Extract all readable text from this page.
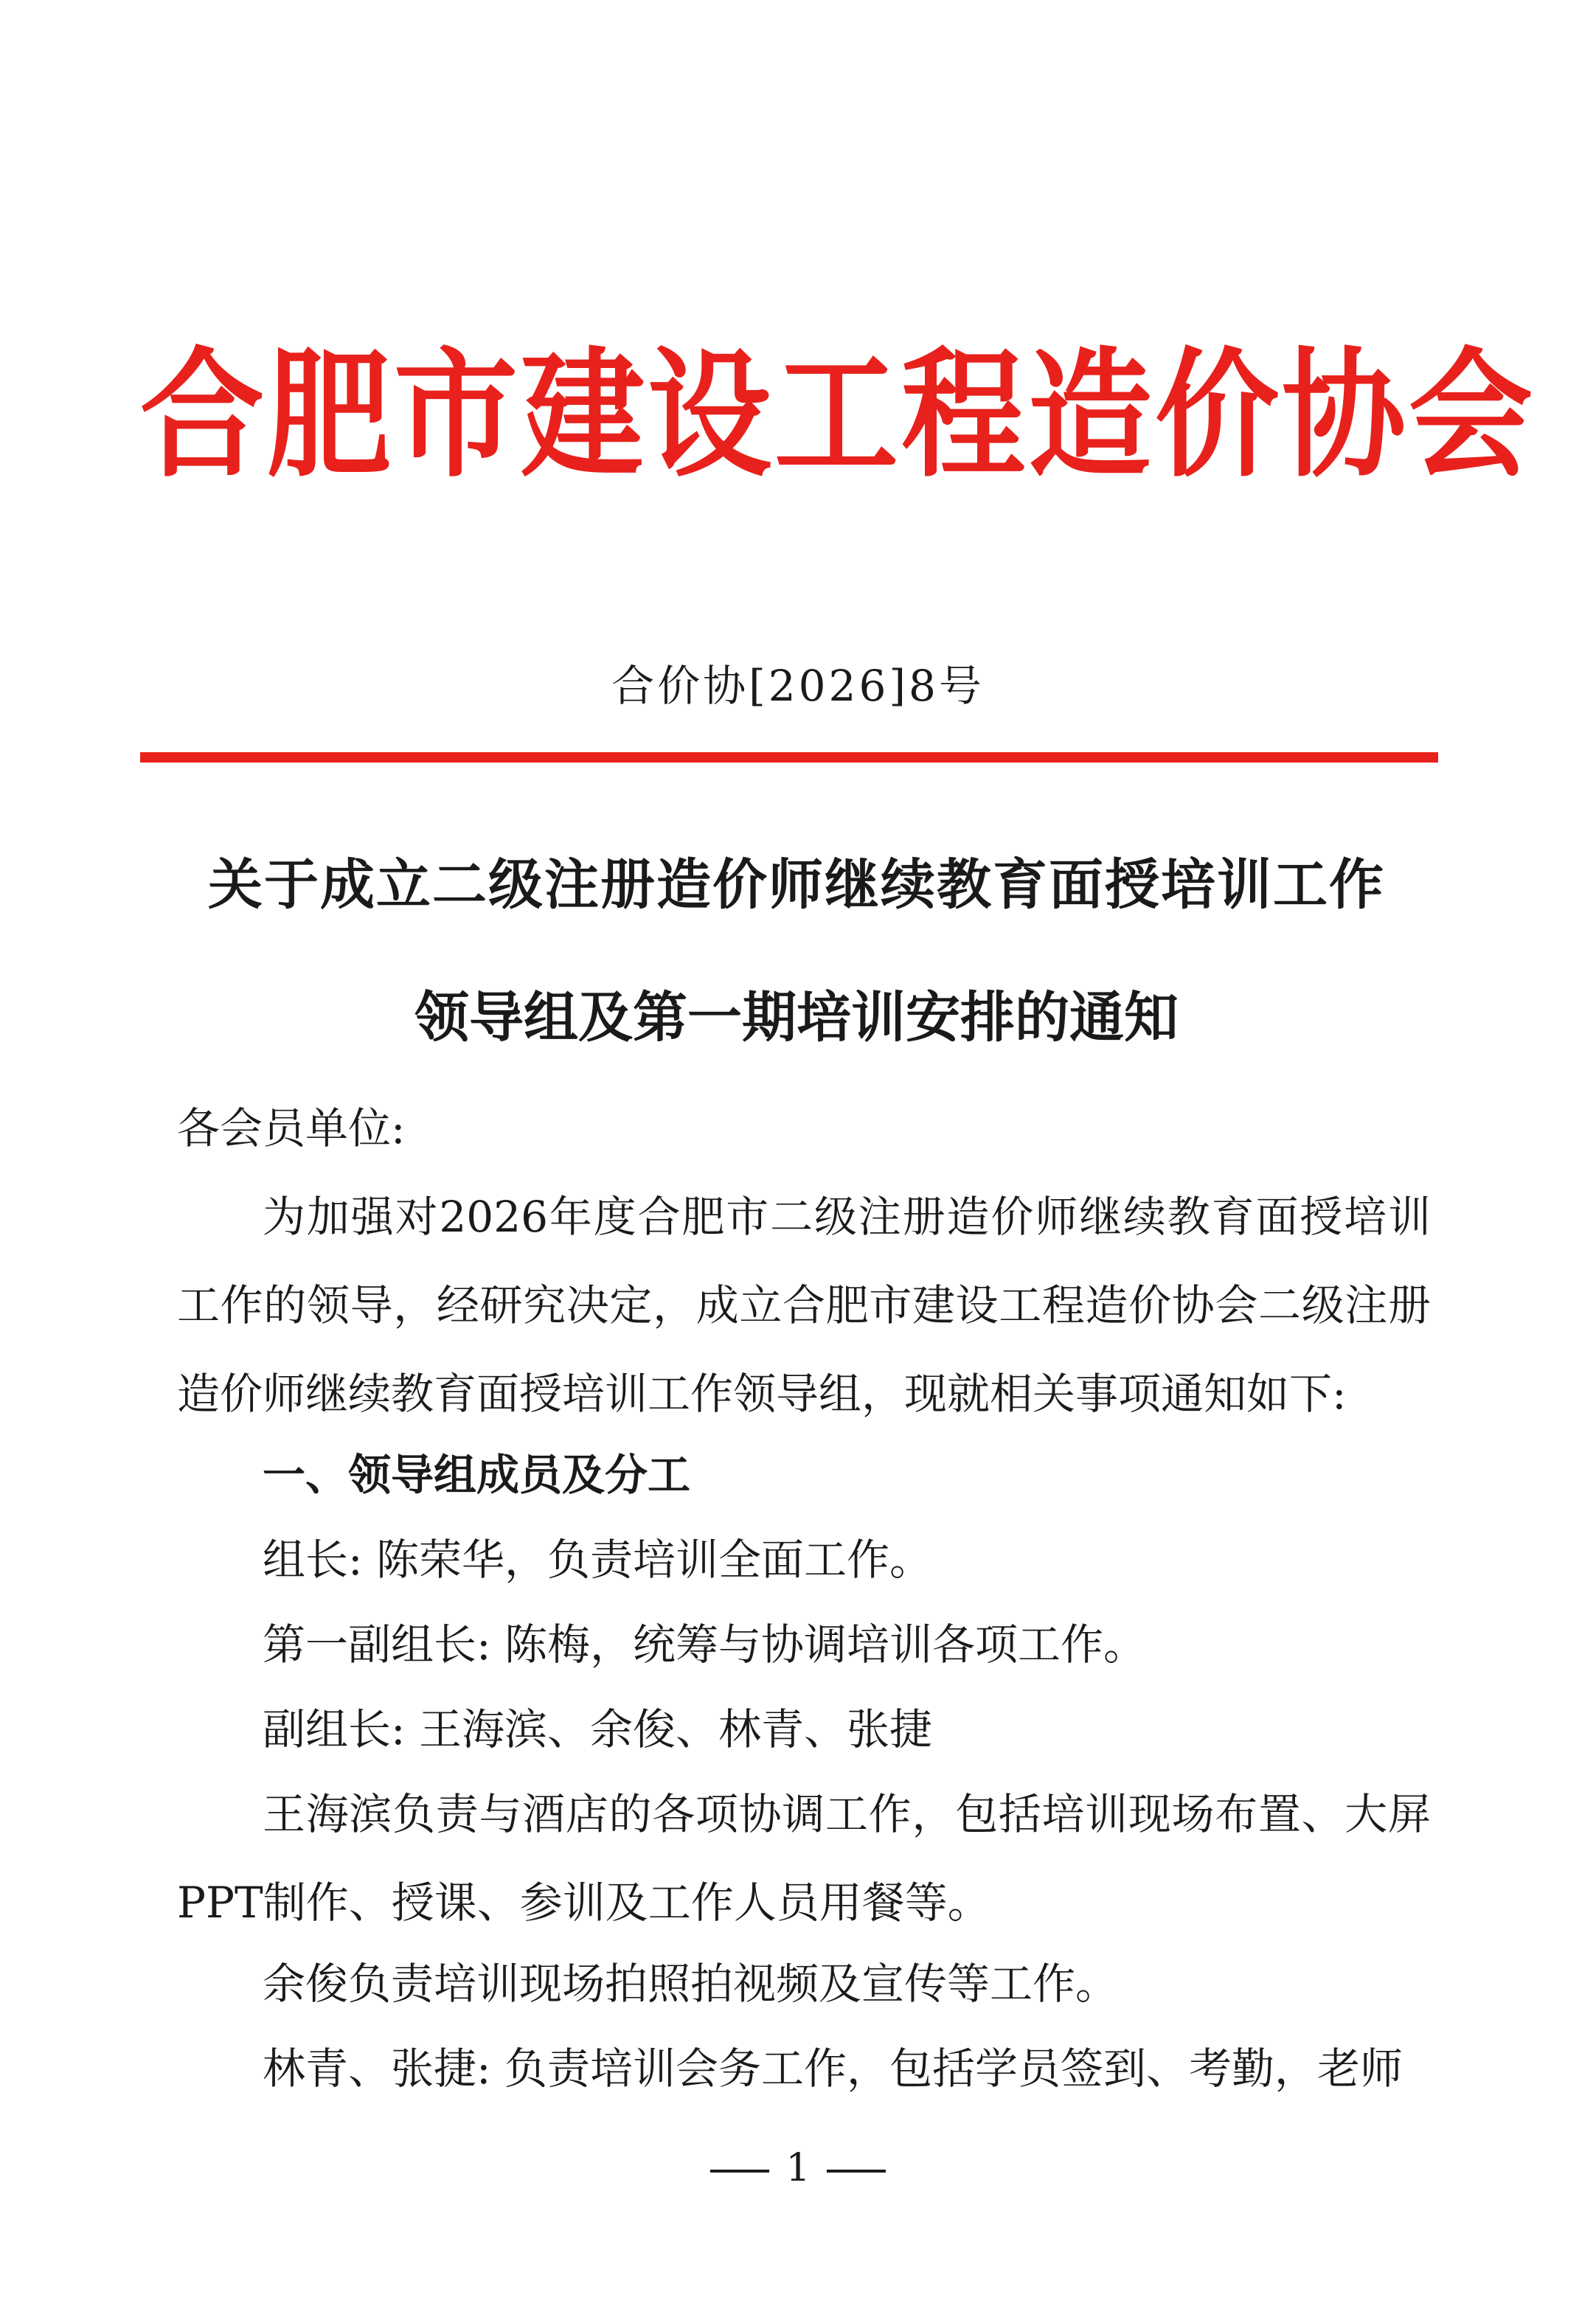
合肥市建设工程造价协会
合价协[2026]8号
关于成立二级注册造价师继续教育面授培训工作
领导组及第一期培训安排的通知
各会员单位:
为加强对2026年度合肥市二级注册造价师继续教育面授培训工作的领导，经研究决定，成立合肥市建设工程造价协会二级注册造价师继续教育面授培训工作领导组，现就相关事项通知如下:
一、领导组成员及分工
组长: 陈荣华，负责培训全面工作。
第一副组长: 陈梅，统筹与协调培训各项工作。
副组长: 王海滨、余俊、林青、张捷
王海滨负责与酒店的各项协调工作，包括培训现场布置、大屏PPT制作、授课、参训及工作人员用餐等。
余俊负责培训现场拍照拍视频及宣传等工作。
林青、张捷: 负责培训会务工作，包括学员签到、考勤，老师
1
